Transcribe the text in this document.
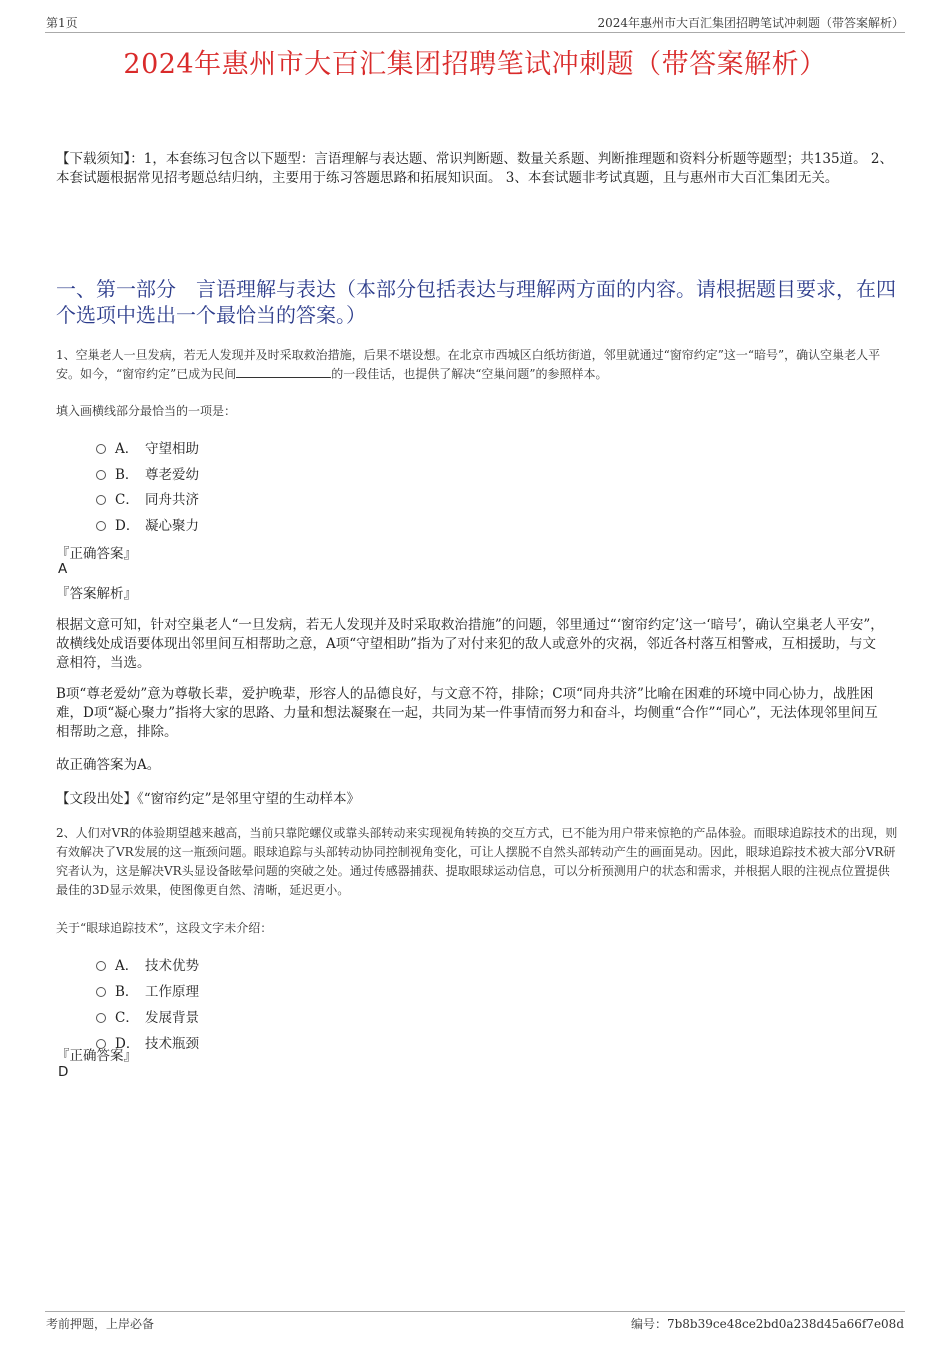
第1页	2024年惠州市大百汇集团招聘笔试冲刺题（带答案解析）
2024年惠州市大百汇集团招聘笔试冲刺题（带答案解析）
【下载须知】：1，本套练习包含以下题型：言语理解与表达题、常识判断题、数量关系题、判断推理题和资料分析题等题型；共135道。 2、本套试题根据常见招考题总结归纳，主要用于练习答题思路和拓展知识面。 3、本套试题非考试真题，且与惠州市大百汇集团无关。
一、第一部分　言语理解与表达（本部分包括表达与理解两方面的内容。请根据题目要求，在四个选项中选出一个最恰当的答案。）
1、空巢老人一旦发病，若无人发现并及时采取救治措施，后果不堪设想。在北京市西城区白纸坊街道，邻里就通过“窗帘约定”这一“暗号”，确认空巢老人平安。如今，“窗帘约定”已成为民间	的一段佳话，也提供了解决“空巢问题”的参照样本。
填入画横线部分最恰当的一项是：
A． 守望相助
B． 尊老爱幼
C． 同舟共济
D． 凝心聚力
『正确答案』
A
『答案解析』
根据文意可知，针对空巢老人“一旦发病，若无人发现并及时采取救治措施”的问题，邻里通过“‘窗帘约定’这一‘暗号’，确认空巢老人平安”，故横线处成语要体现出邻里间互相帮助之意，A项“守望相助”指为了对付来犯的敌人或意外的灾祸，邻近各村落互相警戒，互相援助，与文意相符，当选。
B项“尊老爱幼”意为尊敬长辈，爱护晚辈，形容人的品德良好，与文意不符，排除；C项“同舟共济”比喻在困难的环境中同心协力，战胜困难，D项“凝心聚力”指将大家的思路、力量和想法凝聚在一起，共同为某一件事情而努力和奋斗，均侧重“合作”“同心”，无法体现邻里间互相帮助之意，排除。
故正确答案为A。
【文段出处】《“窗帘约定”是邻里守望的生动样本》
2、人们对VR的体验期望越来越高，当前只靠陀螺仪或靠头部转动来实现视角转换的交互方式，已不能为用户带来惊艳的产品体验。而眼球追踪技术的出现，则有效解决了VR发展的这一瓶颈问题。眼球追踪与头部转动协同控制视角变化，可让人摆脱不自然头部转动产生的画面晃动。因此，眼球追踪技术被大部分VR研究者认为，这是解决VR头显设备眩晕问题的突破之处。通过传感器捕获、提取眼球运动信息，可以分析预测用户的状态和需求，并根据人眼的注视点位置提供最佳的3D显示效果，使图像更自然、清晰，延迟更小。
关于“眼球追踪技术”，这段文字未介绍：
A． 技术优势
B． 工作原理
C． 发展背景
D． 技术瓶颈
『正确答案』
D
考前押题，上岸必备	编号：7b8b39ce48ce2bd0a238d45a66f7e08d
